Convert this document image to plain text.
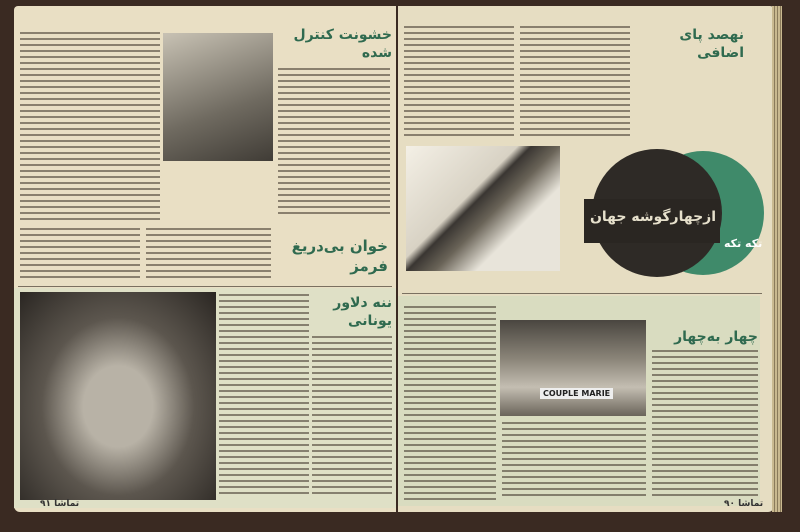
خشونت کنترل شده
خوان بی‌دریغ فرمز
ننه دلاور یونانی
تماشا ۹۱
نهصد پای اضافی
ازچهارگوشه جهان
تکه تکه
COUPLE MARIE
چهار به‌چهار
تماشا ۹۰
